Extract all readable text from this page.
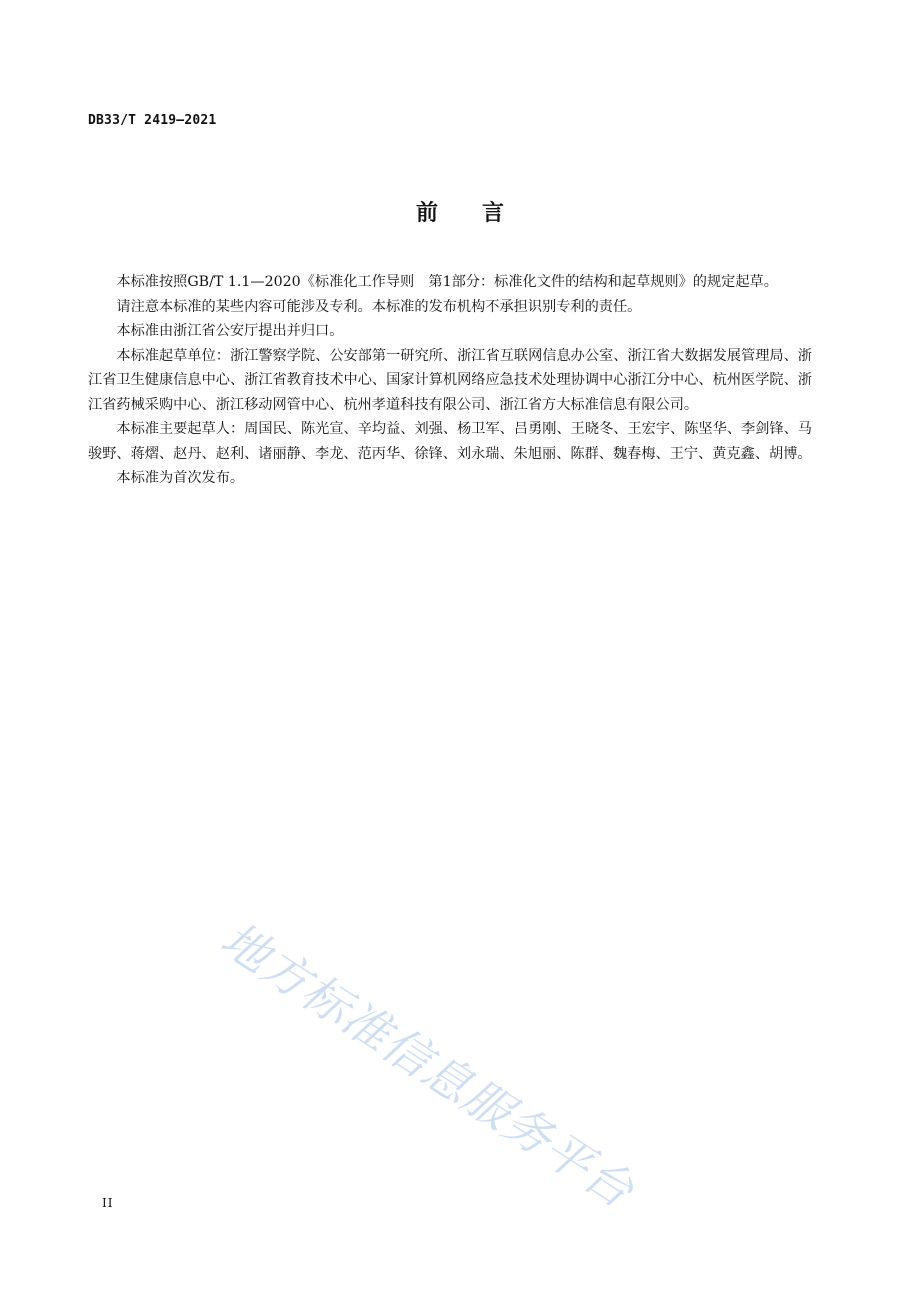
DB33/T 2419—2021
前 言

本标准按照GB/T 1.1—2020《标准化工作导则　第1部分：标准化文件的结构和起草规则》的规定起草。

请注意本标准的某些内容可能涉及专利。本标准的发布机构不承担识别专利的责任。

本标准由浙江省公安厅提出并归口。

本标准起草单位：浙江警察学院、公安部第一研究所、浙江省互联网信息办公室、浙江省大数据发展管理局、浙江省卫生健康信息中心、浙江省教育技术中心、国家计算机网络应急技术处理协调中心浙江分中心、杭州医学院、浙江省药械采购中心、浙江移动网管中心、杭州孝道科技有限公司、浙江省方大标准信息有限公司。

本标准主要起草人：周国民、陈光宣、辛均益、刘强、杨卫军、吕勇刚、王晓冬、王宏宇、陈坚华、李剑锋、马骏野、蒋熠、赵丹、赵利、诸丽静、李龙、范丙华、徐锋、刘永瑞、朱旭丽、陈群、魏春梅、王宁、黄克鑫、胡博。

本标准为首次发布。

地方标准信息服务平台
II
